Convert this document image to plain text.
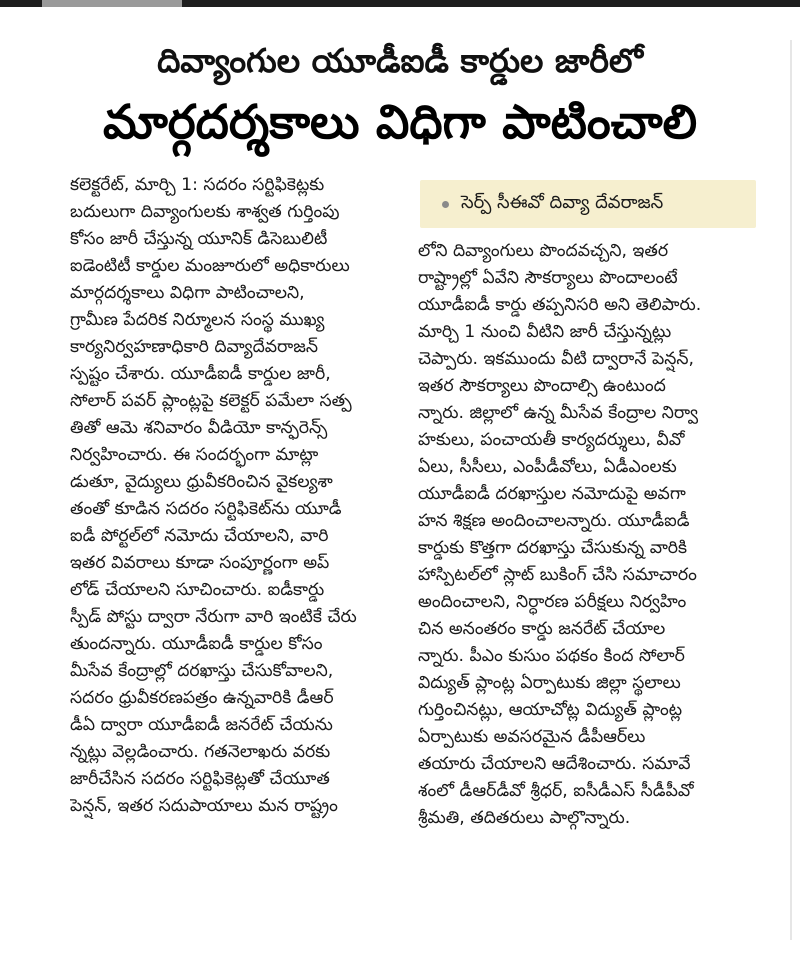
దివ్యాంగుల యూడీఐడీ కార్డుల జారీలో
మార్గదర్శకాలు విధిగా పాటించాలి
కలెక్టరేట్, మార్చి 1: సదరం సర్టిఫికెట్లకు
బదులుగా దివ్యాంగులకు శాశ్వత గుర్తింపు
కోసం జారీ చేస్తున్న యూనిక్ డిసెబులిటీ
ఐడెంటిటీ కార్డుల మంజూరులో అధికారులు
మార్గదర్శకాలు విధిగా పాటించాలని,
గ్రామీణ పేదరిక నిర్మూలన సంస్థ ముఖ్య
కార్యనిర్వహణాధికారి దివ్యాదేవరాజన్
స్పష్టం చేశారు. యూడీఐడీ కార్డుల జారీ,
సోలార్ పవర్ ప్లాంట్లపై కలెక్టర్ పమేలా సత్ప
తితో ఆమె శనివారం వీడియో కాన్ఫరెన్స్
నిర్వహించారు. ఈ సందర్భంగా మాట్లా
డుతూ, వైద్యులు ధ్రువీకరించిన వైకల్యశా
తంతో కూడిన సదరం సర్టిఫికెట్‌ను యూడీ
ఐడీ పోర్టల్‌లో నమోదు చేయాలని, వారి
ఇతర వివరాలు కూడా సంపూర్ణంగా అప్
లోడ్ చేయాలని సూచించారు. ఐడీకార్డు
స్పీడ్ పోస్టు ద్వారా నేరుగా వారి ఇంటికే చేరు
తుందన్నారు. యూడీఐడీ కార్డుల కోసం
మీసేవ కేంద్రాల్లో దరఖాస్తు చేసుకోవాలని,
సదరం ధ్రువీకరణపత్రం ఉన్నవారికి డీఆర్
డీఏ ద్వారా యూడీఐడీ జనరేట్ చేయను
న్నట్లు వెల్లడించారు. గతనెలాఖరు వరకు
జారీచేసిన సదరం సర్టిఫికెట్లతో చేయూత
పెన్షన్, ఇతర సదుపాయాలు మన రాష్ట్రం
సెర్ప్ సీఈవో దివ్యా దేవరాజన్
లోని దివ్యాంగులు పొందవచ్చని, ఇతర
రాష్ట్రాల్లో ఏవేని సౌకర్యాలు పొందాలంటే
యూడీఐడీ కార్డు తప్పనిసరి అని తెలిపారు.
మార్చి 1 నుంచి వీటిని జారీ చేస్తున్నట్లు
చెప్పారు. ఇకముందు వీటి ద్వారానే పెన్షన్,
ఇతర సౌకర్యాలు పొందాల్సి ఉంటుంద
న్నారు. జిల్లాలో ఉన్న మీసేవ కేంద్రాల నిర్వా
హకులు, పంచాయతీ కార్యదర్శులు, వీవో
ఏలు, సీసీలు, ఎంపీడీవోలు, ఏడీఎంలకు
యూడీఐడీ దరఖాస్తుల నమోదుపై అవగా
హన శిక్షణ అందించాలన్నారు. యూడీఐడీ
కార్డుకు కొత్తగా దరఖాస్తు చేసుకున్న వారికి
హాస్పిటల్‌లో స్లాట్ బుకింగ్ చేసి సమాచారం
అందించాలని, నిర్ధారణ పరీక్షలు నిర్వహిం
చిన అనంతరం కార్డు జనరేట్ చేయాల
న్నారు. పీఎం కుసుం పథకం కింద సోలార్
విద్యుత్ ప్లాంట్ల ఏర్పాటుకు జిల్లా స్థలాలు
గుర్తించినట్లు, ఆయాచోట్ల విద్యుత్ ప్లాంట్ల
ఏర్పాటుకు అవసరమైన డీపీఆర్‌లు
తయారు చేయాలని ఆదేశించారు. సమావే
శంలో డీఆర్‌డీవో శ్రీధర్, ఐసీడీఎస్ సీడీపీవో
శ్రీమతి, తదితరులు పాల్గొన్నారు.
